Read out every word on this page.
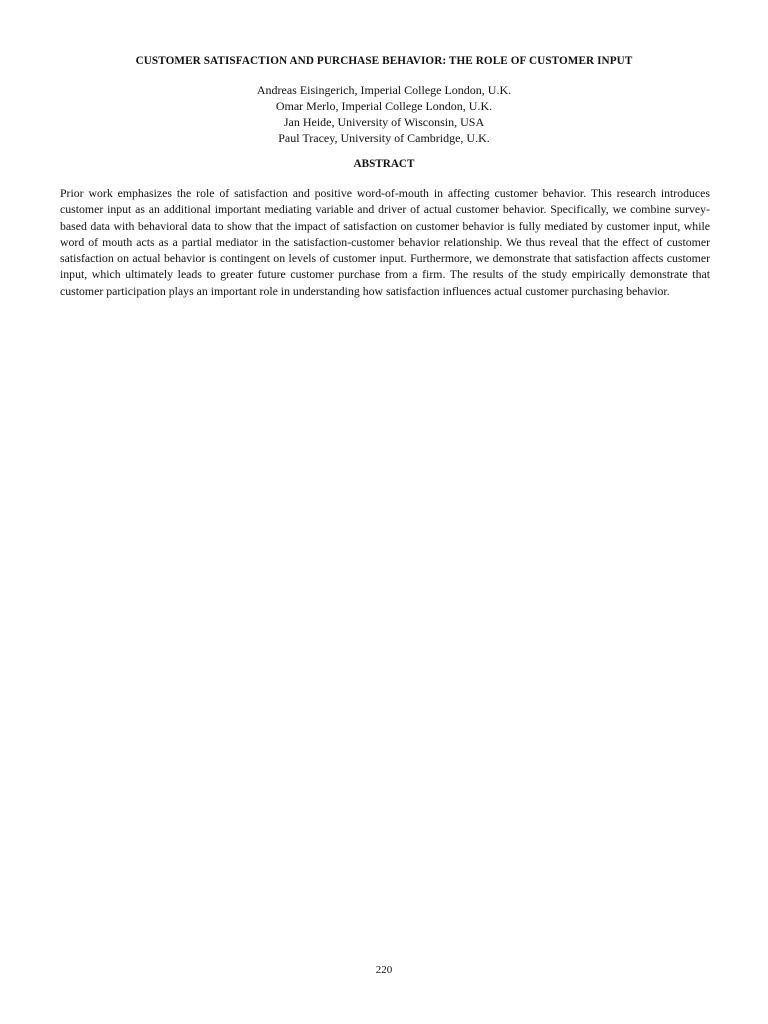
CUSTOMER SATISFACTION AND PURCHASE BEHAVIOR: THE ROLE OF CUSTOMER INPUT
Andreas Eisingerich, Imperial College London, U.K.
Omar Merlo, Imperial College London, U.K.
Jan Heide, University of Wisconsin, USA
Paul Tracey, University of Cambridge, U.K.
ABSTRACT

Prior work emphasizes the role of satisfaction and positive word-of-mouth in affecting customer behavior. This research introduces customer input as an additional important mediating variable and driver of actual customer behavior. Specifically, we combine survey-based data with behavioral data to show that the impact of satisfaction on customer behavior is fully mediated by customer input, while word of mouth acts as a partial mediator in the satisfaction-customer behavior relationship. We thus reveal that the effect of customer satisfaction on actual behavior is contingent on levels of customer input. Furthermore, we demonstrate that satisfaction affects customer input, which ultimately leads to greater future customer purchase from a firm. The results of the study empirically demonstrate that customer participation plays an important role in understanding how satisfaction influences actual customer purchasing behavior.

220
